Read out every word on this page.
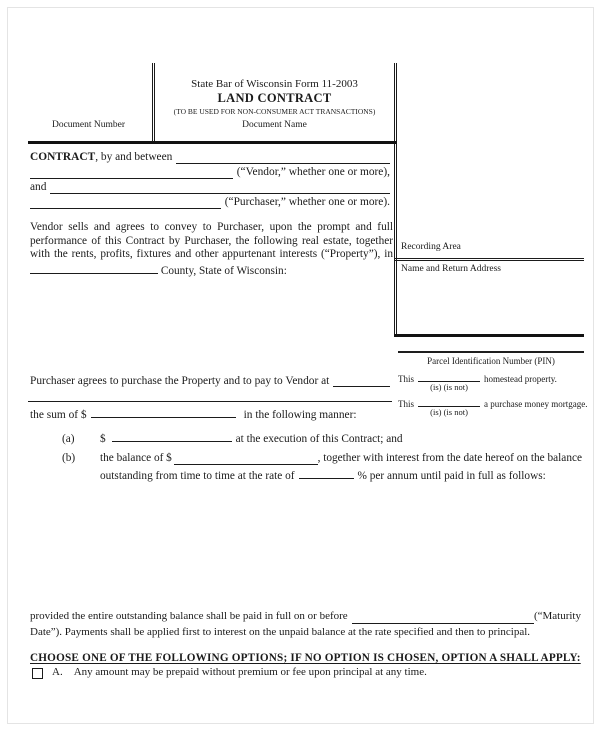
Document Number
State Bar of Wisconsin Form 11-2003
LAND CONTRACT
(TO BE USED FOR NON-CONSUMER ACT TRANSACTIONS)
Document Name
Recording Area
Name and Return Address
Parcel Identification Number (PIN)
This
(is) (is not)
homestead property.
This
(is) (is not)
a purchase money mortgage.
CONTRACT , by and between
(“Vendor,” whether one or more),
and
(“Purchaser,” whether one or more).
Vendor sells and agrees to convey to Purchaser, upon the prompt and full performance of this Contract by Purchaser, the following real estate, together with the rents, profits, fixtures and other appurtenant interests (“Property”), in  County, State of Wisconsin:
Purchaser agrees to purchase the Property and to pay to Vendor at
the sum of $	in the following manner:
(a) $	at the execution of this Contract; and
(b) the balance of $	, together with interest from the date hereof on the balance
outstanding from time to time at the rate of	% per annum until paid in full as follows:
provided the entire outstanding balance shall be paid in full on or before	(“Maturity
Date”). Payments shall be applied first to interest on the unpaid balance at the rate specified and then to principal.
CHOOSE ONE OF THE FOLLOWING OPTIONS; IF NO OPTION IS CHOSEN, OPTION A SHALL APPLY:
A. Any amount may be prepaid without premium or fee upon principal at any time.
